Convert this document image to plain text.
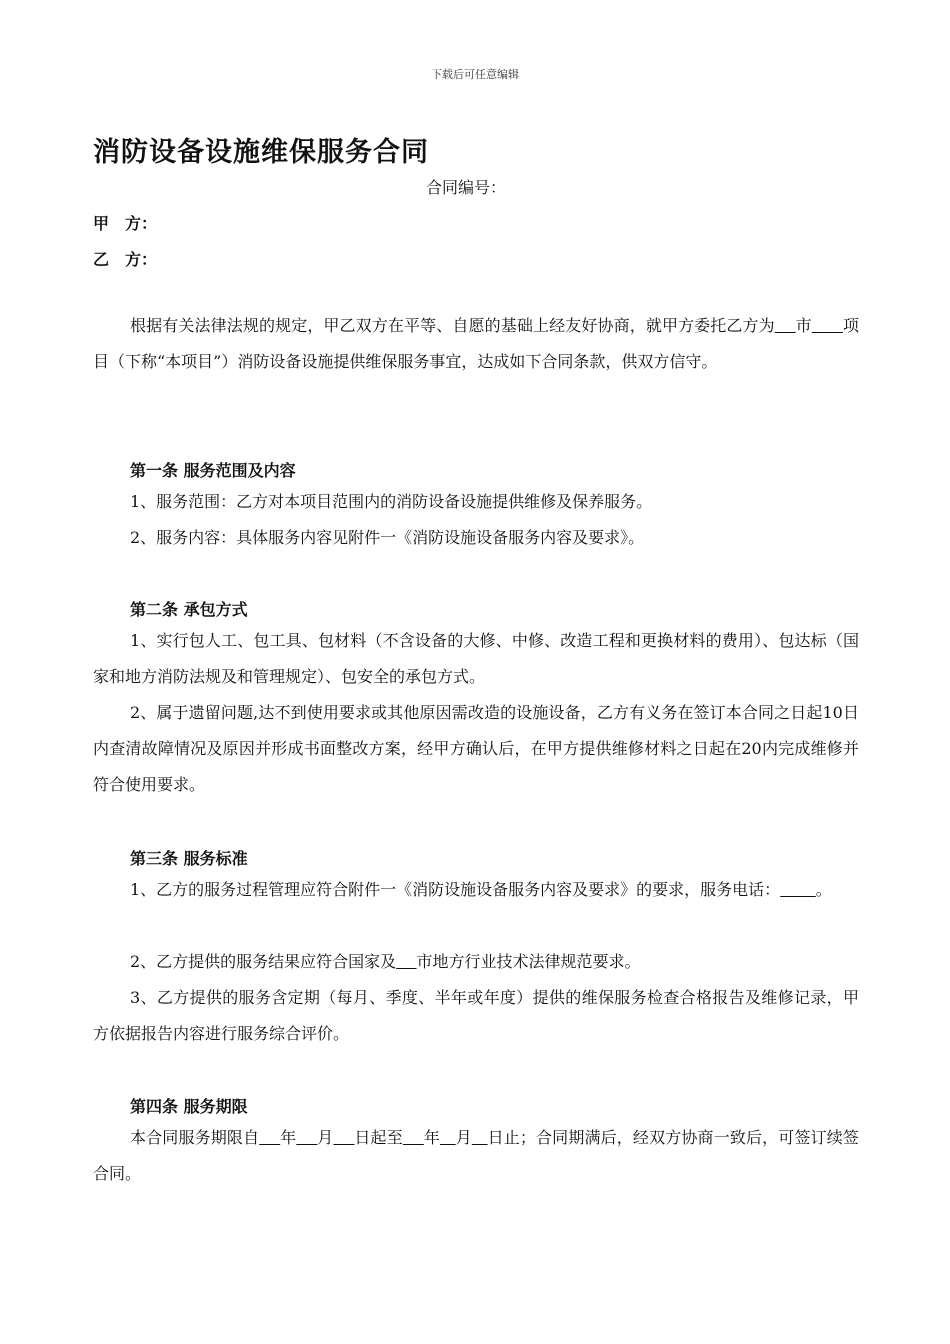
下载后可任意编辑
消防设备设施维保服务合同
合同编号：
甲　方：
乙　方：

根据有关法律法规的规定，甲乙双方在平等、自愿的基础上经友好协商，就甲方委托乙方为 市 项目（下称“本项目”）消防设备设施提供维保服务事宜，达成如下合同条款，供双方信守。

第一条 服务范围及内容

1、服务范围：乙方对本项目范围内的消防设备设施提供维修及保养服务。

2、服务内容：具体服务内容见附件一《消防设施设备服务内容及要求》。

第二条 承包方式

1、实行包人工、包工具、包材料（不含设备的大修、中修、改造工程和更换材料的费用）、包达标（国家和地方消防法规及和管理规定）、包安全的承包方式。

2、属于遗留问题,达不到使用要求或其他原因需改造的设施设备，乙方有义务在签订本合同之日起10日内查清故障情况及原因并形成书面整改方案，经甲方确认后，在甲方提供维修材料之日起在20内完成维修并符合使用要求。

第三条 服务标准

1、乙方的服务过程管理应符合附件一《消防设施设备服务内容及要求》的要求，服务电话： 。

2、乙方提供的服务结果应符合国家及 市地方行业技术法律规范要求。

3、乙方提供的服务含定期（每月、季度、半年或年度）提供的维保服务检查合格报告及维修记录，甲方依据报告内容进行服务综合评价。

第四条 服务期限

本合同服务期限自 年 月 日起至 年 月 日止；合同期满后，经双方协商一致后，可签订续签合同。
